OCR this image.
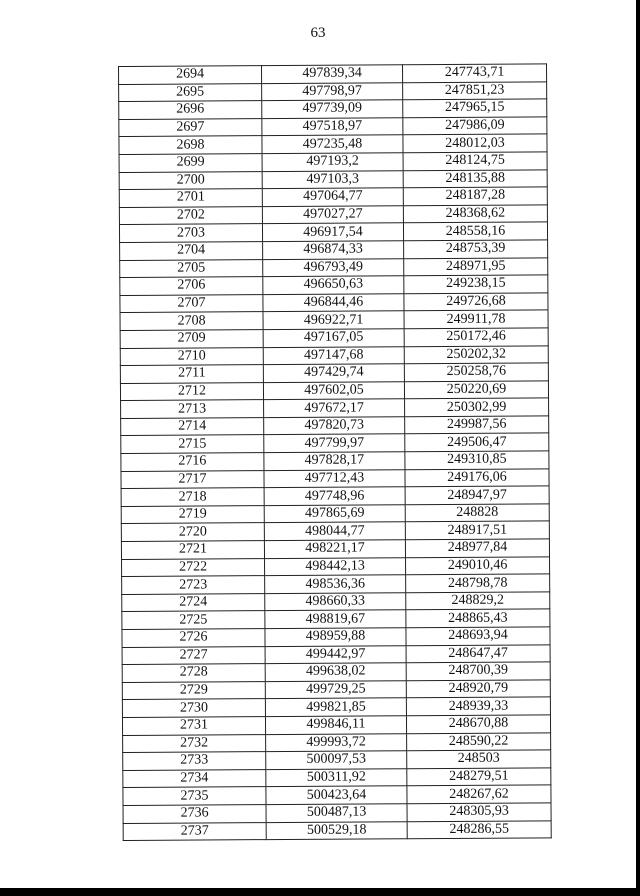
63
2694	497839,34	247743,71
2695	497798,97	247851,23
2696	497739,09	247965,15
2697	497518,97	247986,09
2698	497235,48	248012,03
2699	497193,2	248124,75
2700	497103,3	248135,88
2701	497064,77	248187,28
2702	497027,27	248368,62
2703	496917,54	248558,16
2704	496874,33	248753,39
2705	496793,49	248971,95
2706	496650,63	249238,15
2707	496844,46	249726,68
2708	496922,71	249911,78
2709	497167,05	250172,46
2710	497147,68	250202,32
2711	497429,74	250258,76
2712	497602,05	250220,69
2713	497672,17	250302,99
2714	497820,73	249987,56
2715	497799,97	249506,47
2716	497828,17	249310,85
2717	497712,43	249176,06
2718	497748,96	248947,97
2719	497865,69	248828
2720	498044,77	248917,51
2721	498221,17	248977,84
2722	498442,13	249010,46
2723	498536,36	248798,78
2724	498660,33	248829,2
2725	498819,67	248865,43
2726	498959,88	248693,94
2727	499442,97	248647,47
2728	499638,02	248700,39
2729	499729,25	248920,79
2730	499821,85	248939,33
2731	499846,11	248670,88
2732	499993,72	248590,22
2733	500097,53	248503
2734	500311,92	248279,51
2735	500423,64	248267,62
2736	500487,13	248305,93
2737	500529,18	248286,55
